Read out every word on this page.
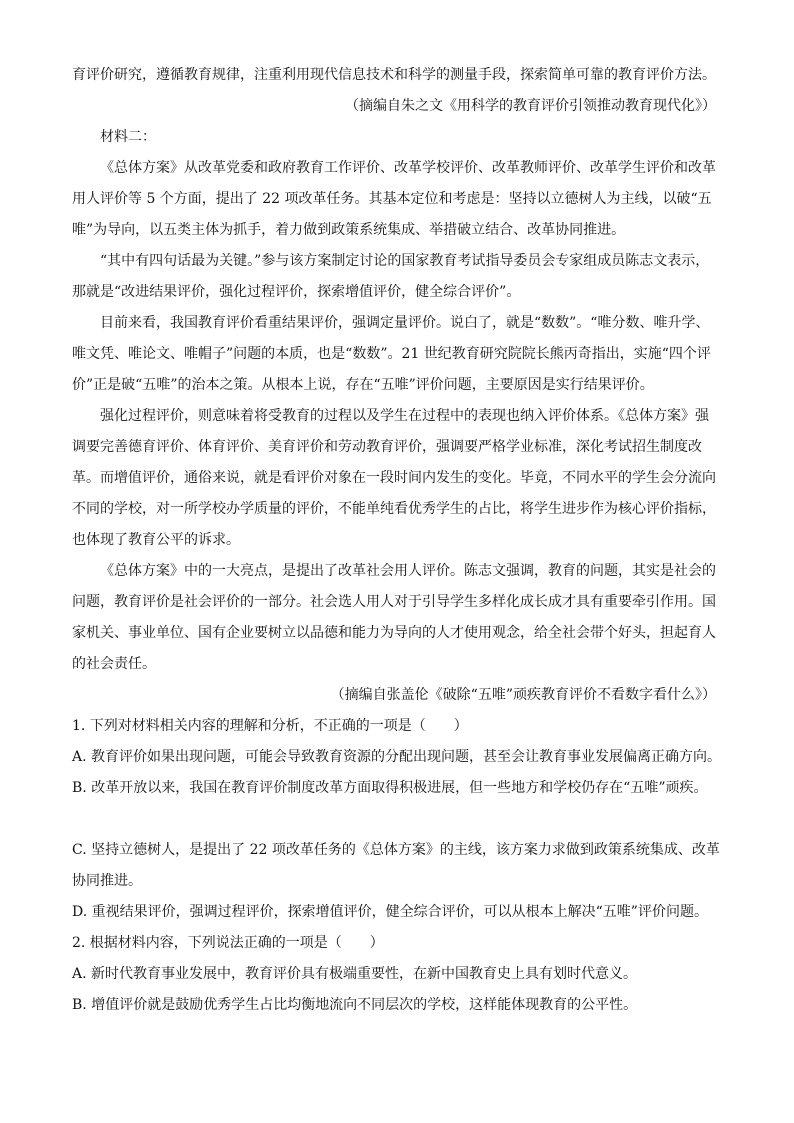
育评价研究，遵循教育规律，注重利用现代信息技术和科学的测量手段，探索简单可靠的教育评价方法。

（摘编自朱之文《用科学的教育评价引领推动教育现代化》）

材料二：

《总体方案》从改革党委和政府教育工作评价、改革学校评价、改革教师评价、改革学生评价和改革用人评价等 5 个方面，提出了 22 项改革任务。其基本定位和考虑是：坚持以立德树人为主线，以破“五唯”为导向，以五类主体为抓手，着力做到政策系统集成、举措破立结合、改革协同推进。

“其中有四句话最为关键。”参与该方案制定讨论的国家教育考试指导委员会专家组成员陈志文表示，那就是“改进结果评价，强化过程评价，探索增值评价，健全综合评价”。

目前来看，我国教育评价看重结果评价，强调定量评价。说白了，就是“数数”。“唯分数、唯升学、唯文凭、唯论文、唯帽子”问题的本质，也是“数数”。21 世纪教育研究院院长熊丙奇指出，实施“四个评价”正是破“五唯”的治本之策。从根本上说，存在“五唯”评价问题，主要原因是实行结果评价。

强化过程评价，则意味着将受教育的过程以及学生在过程中的表现也纳入评价体系。《总体方案》强调要完善德育评价、体育评价、美育评价和劳动教育评价，强调要严格学业标准，深化考试招生制度改革。而增值评价，通俗来说，就是看评价对象在一段时间内发生的变化。毕竟，不同水平的学生会分流向不同的学校，对一所学校办学质量的评价，不能单纯看优秀学生的占比，将学生进步作为核心评价指标，也体现了教育公平的诉求。

《总体方案》中的一大亮点，是提出了改革社会用人评价。陈志文强调，教育的问题，其实是社会的问题，教育评价是社会评价的一部分。社会选人用人对于引导学生多样化成长成才具有重要牵引作用。国家机关、事业单位、国有企业要树立以品德和能力为导向的人才使用观念，给全社会带个好头，担起育人的社会责任。

（摘编自张盖伦《破除“五唯”顽疾教育评价不看数字看什么》）

1. 下列对材料相关内容的理解和分析，不正确的一项是（　　）

A. 教育评价如果出现问题，可能会导致教育资源的分配出现问题，甚至会让教育事业发展偏离正确方向。

B. 改革开放以来，我国在教育评价制度改革方面取得积极进展，但一些地方和学校仍存在“五唯”顽疾。

C. 坚持立德树人，是提出了 22 项改革任务的《总体方案》的主线，该方案力求做到政策系统集成、改革协同推进。

D. 重视结果评价，强调过程评价，探索增值评价，健全综合评价，可以从根本上解决“五唯”评价问题。

2. 根据材料内容，下列说法正确的一项是（　　）

A. 新时代教育事业发展中，教育评价具有极端重要性，在新中国教育史上具有划时代意义。

B. 增值评价就是鼓励优秀学生占比均衡地流向不同层次的学校，这样能体现教育的公平性。
